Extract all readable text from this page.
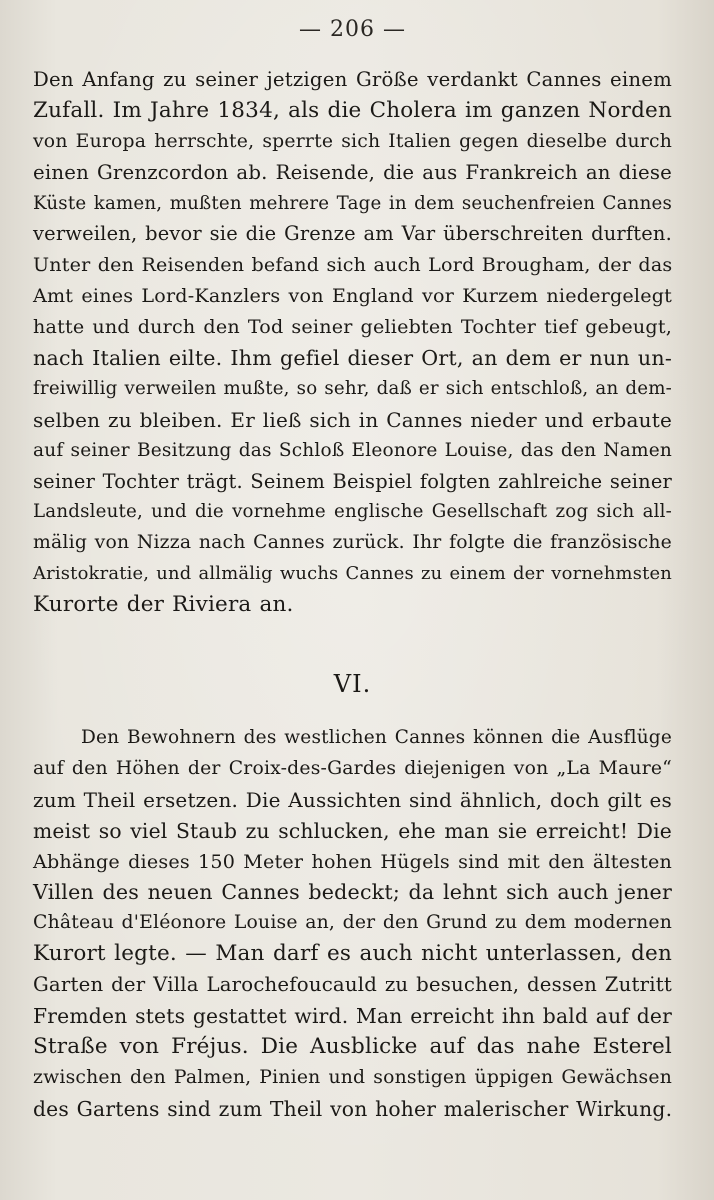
— 206 —
Den Anfang zu seiner jetzigen Größe verdankt Cannes einem
Zufall. Im Jahre 1834, als die Cholera im ganzen Norden
von Europa herrschte, sperrte sich Italien gegen dieselbe durch
einen Grenzcordon ab. Reisende, die aus Frankreich an diese
Küste kamen, mußten mehrere Tage in dem seuchenfreien Cannes
verweilen, bevor sie die Grenze am Var überschreiten durften.
Unter den Reisenden befand sich auch Lord Brougham, der das
Amt eines Lord-Kanzlers von England vor Kurzem niedergelegt
hatte und durch den Tod seiner geliebten Tochter tief gebeugt,
nach Italien eilte. Ihm gefiel dieser Ort, an dem er nun un-
freiwillig verweilen mußte, so sehr, daß er sich entschloß, an dem-
selben zu bleiben. Er ließ sich in Cannes nieder und erbaute
auf seiner Besitzung das Schloß Eleonore Louise, das den Namen
seiner Tochter trägt. Seinem Beispiel folgten zahlreiche seiner
Landsleute, und die vornehme englische Gesellschaft zog sich all-
mälig von Nizza nach Cannes zurück. Ihr folgte die französische
Aristokratie, und allmälig wuchs Cannes zu einem der vornehmsten
Kurorte der Riviera an.
VI.
Den Bewohnern des westlichen Cannes können die Ausflüge
auf den Höhen der Croix-des-Gardes diejenigen von „La Maure“
zum Theil ersetzen. Die Aussichten sind ähnlich, doch gilt es
meist so viel Staub zu schlucken, ehe man sie erreicht! Die
Abhänge dieses 150 Meter hohen Hügels sind mit den ältesten
Villen des neuen Cannes bedeckt; da lehnt sich auch jener
Château d'Eléonore Louise an, der den Grund zu dem modernen
Kurort legte. — Man darf es auch nicht unterlassen, den
Garten der Villa Larochefoucauld zu besuchen, dessen Zutritt
Fremden stets gestattet wird. Man erreicht ihn bald auf der
Straße von Fréjus. Die Ausblicke auf das nahe Esterel
zwischen den Palmen, Pinien und sonstigen üppigen Gewächsen
des Gartens sind zum Theil von hoher malerischer Wirkung.
